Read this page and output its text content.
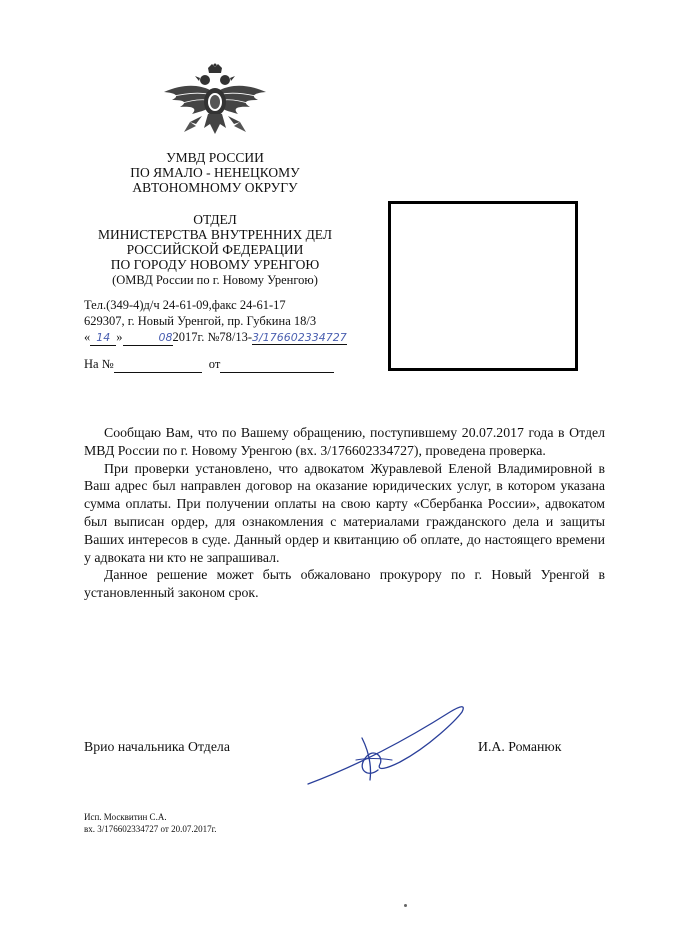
УМВД РОССИИ
ПО ЯМАЛО - НЕНЕЦКОМУ
АВТОНОМНОМУ ОКРУГУ
ОТДЕЛ
МИНИСТЕРСТВА ВНУТРЕННИХ ДЕЛ
РОССИЙСКОЙ ФЕДЕРАЦИИ
ПО ГОРОДУ НОВОМУ УРЕНГОЮ
(ОМВД России по г. Новому Уренгою)
Тел.(349-4)д/ч 24-61-09,факс 24-61-17
629307, г. Новый Уренгой, пр. Губкина 18/3
« 14 »	082017г. №78/13-3/176602334727
На №	от

Сообщаю Вам, что по Вашему обращению, поступившему 20.07.2017 года в Отдел МВД России по г. Новому Уренгою (вх. 3/176602334727), проведена проверка.

При проверки установлено, что адвокатом Журавлевой Еленой Владимировной в Ваш адрес был направлен договор на оказание юридических услуг, в котором указана сумма оплаты. При получении оплаты на свою карту «Сбербанка России», адвокатом был выписан ордер, для ознакомления с материалами гражданского дела и защиты Ваших интересов в суде. Данный ордер и квитанцию об оплате, до настоящего времени у адвоката ни кто не запрашивал.

Данное решение может быть обжаловано прокурору по г. Новый Уренгой в установленный законом срок.

Врио начальника Отдела	И.А. Романюк
Исп. Москвитин С.А.
вх. 3/176602334727 от 20.07.2017г.
